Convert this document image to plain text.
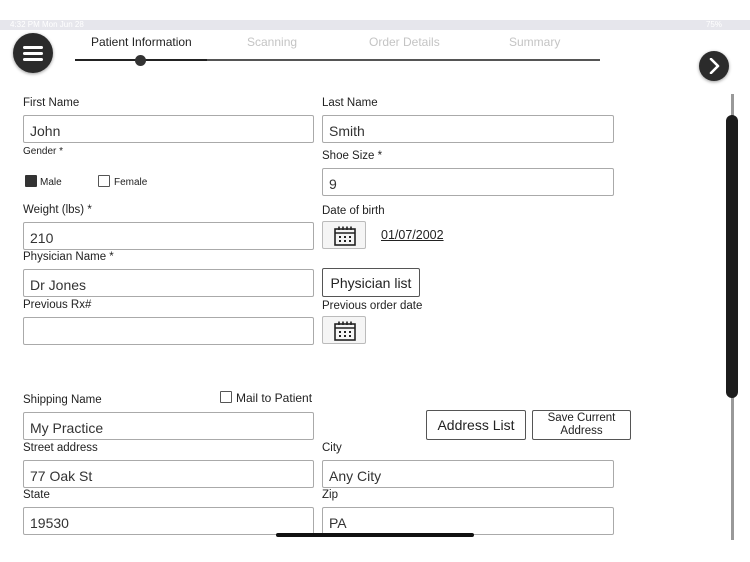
4:32 PM Mon Jun 28	75%
Patient Information	Scanning	Order Details	Summary
First Name
John
Last Name
Smith
Gender *
Male	Female
Shoe Size *
9
Weight (lbs) *
210
Date of birth
01/07/2002
Physician Name *
Dr Jones	Physician list
Previous Rx#	Previous order date
Shipping Name	Mail to Patient
My Practice	Address List	Save Current Address
Street address
77 Oak St
City
Any City
State
19530
Zip
PA
